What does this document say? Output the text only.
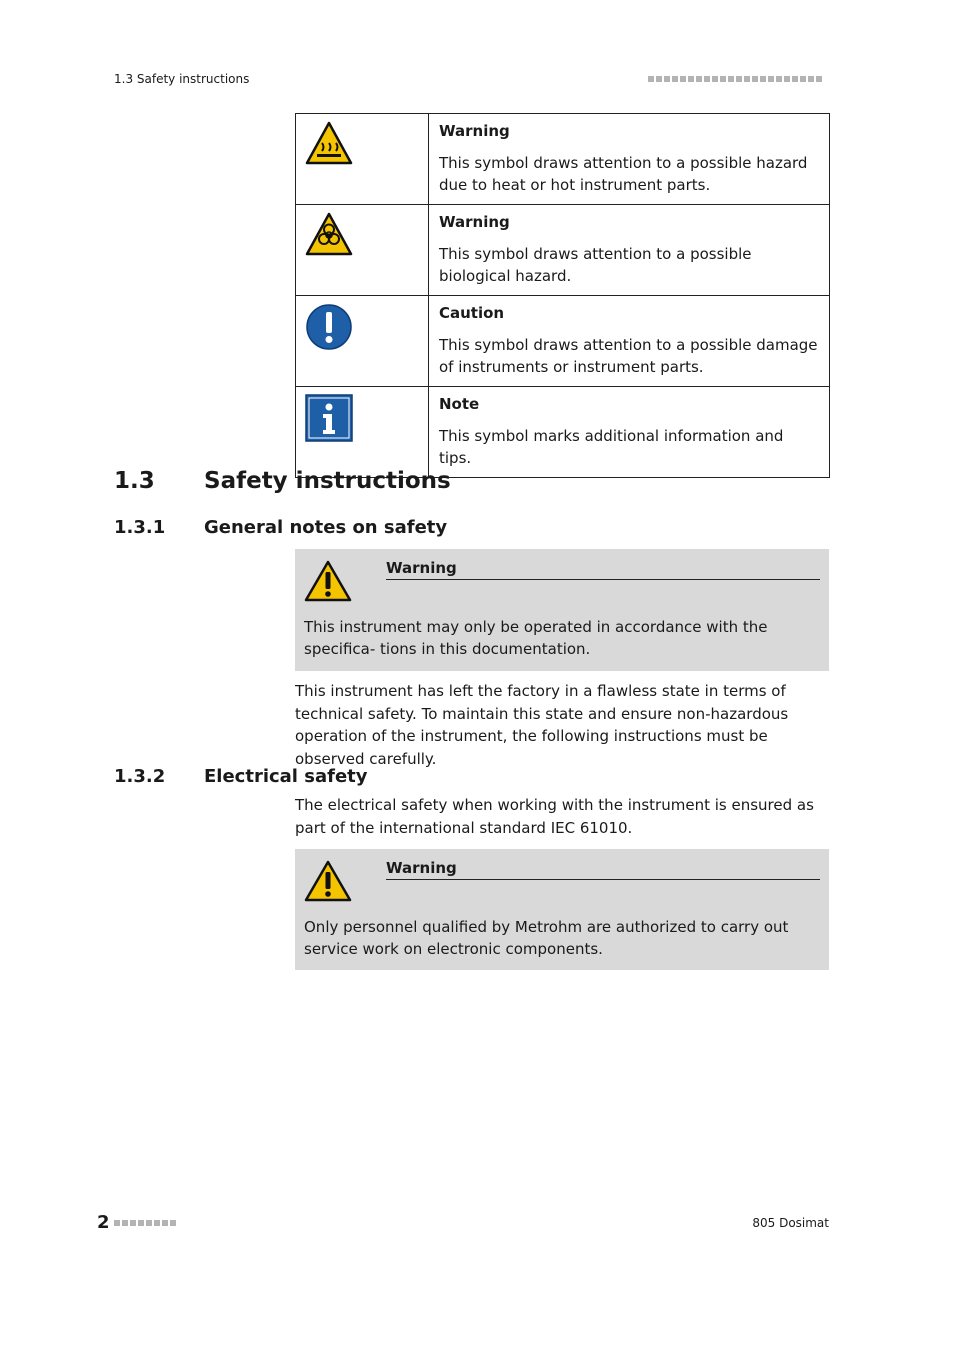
1.3 Safety instructions

Warning
This symbol draws attention to a possible hazard due to heat or hot instrument parts.

Warning
This symbol draws attention to a possible biological hazard.

Caution
This symbol draws attention to a possible damage of instruments or instrument parts.

Note
This symbol marks additional information and tips.
1.3 Safety instructions
1.3.1 General notes on safety
Warning
This instrument may only be operated in accordance with the specifica- tions in this documentation.
This instrument has left the factory in a flawless state in terms of technical safety. To maintain this state and ensure non-hazardous operation of the instrument, the following instructions must be observed carefully.
1.3.2 Electrical safety
The electrical safety when working with the instrument is ensured as part of the international standard IEC 61010.
Warning
Only personnel qualified by Metrohm are authorized to carry out service work on electronic components.
2	805 Dosimat
